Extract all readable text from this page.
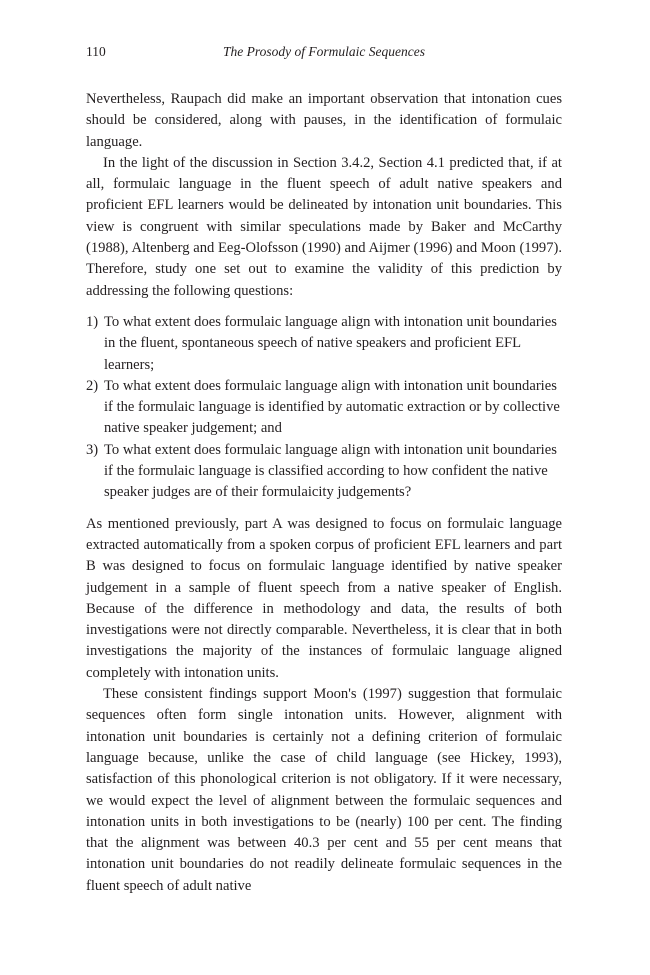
110	The Prosody of Formulaic Sequences

Nevertheless, Raupach did make an important observation that intonation cues should be considered, along with pauses, in the identification of formulaic language.

In the light of the discussion in Section 3.4.2, Section 4.1 predicted that, if at all, formulaic language in the fluent speech of adult native speakers and proficient EFL learners would be delineated by intonation unit boundaries. This view is congruent with similar speculations made by Baker and McCarthy (1988), Altenberg and Eeg-Olofsson (1990) and Aijmer (1996) and Moon (1997). Therefore, study one set out to examine the validity of this prediction by addressing the following questions:

1) To what extent does formulaic language align with intonation unit boundaries in the fluent, spontaneous speech of native speakers and proficient EFL learners;
2) To what extent does formulaic language align with intonation unit boundaries if the formulaic language is identified by automatic extraction or by collective native speaker judgement; and
3) To what extent does formulaic language align with intonation unit boundaries if the formulaic language is classified according to how confident the native speaker judges are of their formulaicity judgements?

As mentioned previously, part A was designed to focus on formulaic language extracted automatically from a spoken corpus of proficient EFL learners and part B was designed to focus on formulaic language identified by native speaker judgement in a sample of fluent speech from a native speaker of English. Because of the difference in methodology and data, the results of both investigations were not directly comparable. Nevertheless, it is clear that in both investigations the majority of the instances of formulaic language aligned completely with intonation units.

These consistent findings support Moon's (1997) suggestion that formulaic sequences often form single intonation units. However, alignment with intonation unit boundaries is certainly not a defining criterion of formulaic language because, unlike the case of child language (see Hickey, 1993), satisfaction of this phonological criterion is not obligatory. If it were necessary, we would expect the level of alignment between the formulaic sequences and intonation units in both investigations to be (nearly) 100 per cent. The finding that the alignment was between 40.3 per cent and 55 per cent means that intonation unit boundaries do not readily delineate formulaic sequences in the fluent speech of adult native
